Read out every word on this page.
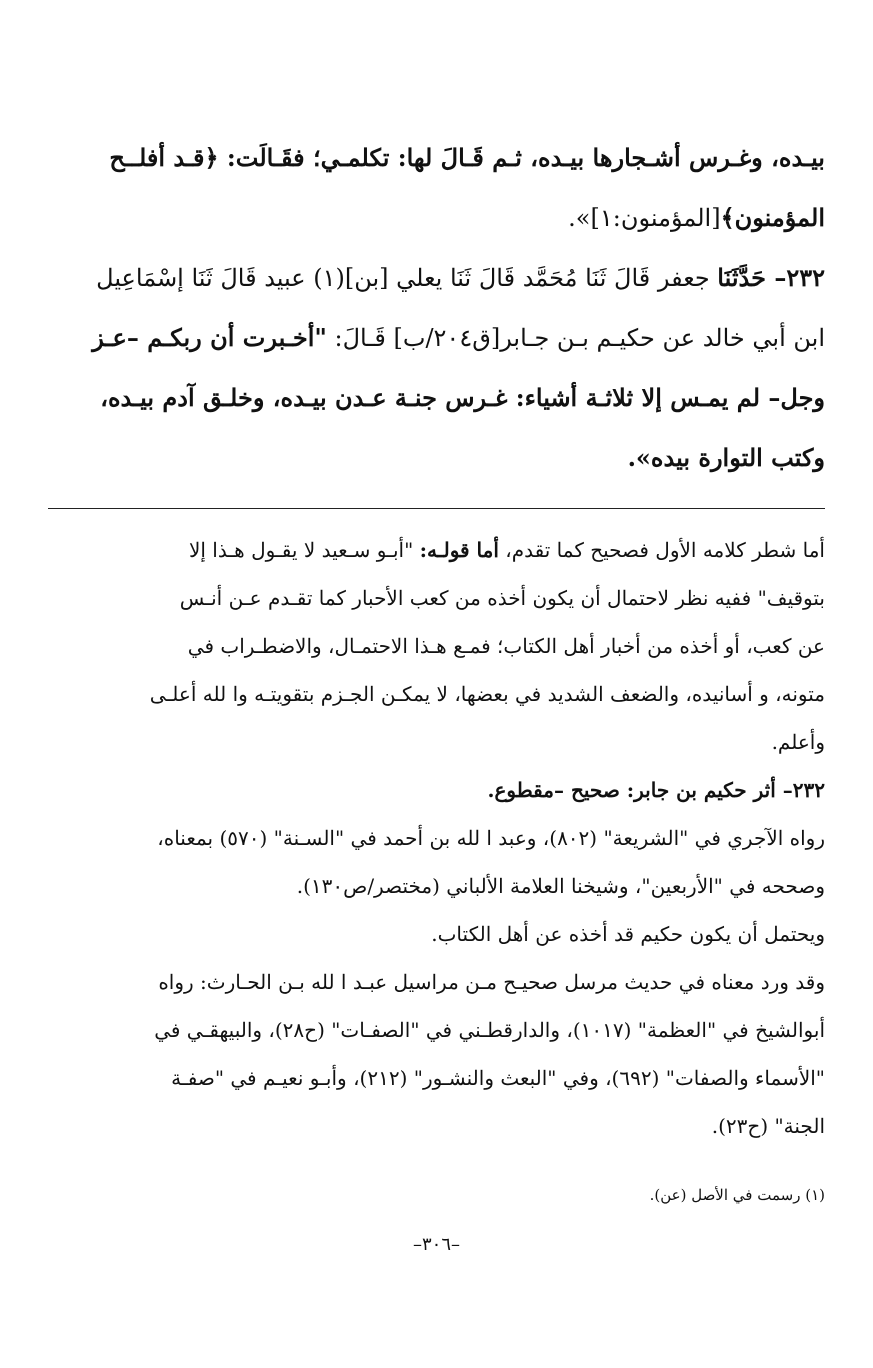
بيـده، وغـرس أشـجارها بيـده، ثـم قَـالَ لها: تكلمـي؛ فقَـالَت: ﴿قـد أفلــح

المؤمنون﴾[المؤمنون:١]».

٢٣٢– حَدَّثَنَا جعفر قَالَ ثَنَا مُحَمَّد قَالَ ثَنَا يعلي [بن](١) عبيد قَالَ ثَنَا إسْمَاعِيل

ابن أبي خالد عن حكيـم بـن جـابر[ق٢٠٤/ب] قَـالَ: "أخـبرت أن ربكـم –عـز

وجل– لم يمـس إلا ثلاثـة أشياء: غـرس جنـة عـدن بيـده، وخلـق آدم بيـده،

وكتب التوارة بيده».

أما شطر كلامه الأول فصحيح كما تقدم، أما قولـه: "أبـو سـعيد لا يقـول هـذا إلا

بتوقيف" ففيه نظر لاحتمال أن يكون أخذه من كعب الأحبار كما تقـدم عـن أنـس

عن كعب، أو أخذه من أخبار أهل الكتاب؛ فمـع هـذا الاحتمـال، والاضطـراب في

متونه، و أسانيده، والضعف الشديد في بعضها، لا يمكـن الجـزم بتقويتـه وا لله أعلـى

وأعلم.

٢٣٢– أثر حكيم بن جابر: صحيح –مقطوع.

رواه الآجري في "الشريعة" (٨٠٢)، وعبد ا لله بن أحمد في "السـنة" (٥٧٠) بمعناه،

وصححه في "الأربعين"، وشيخنا العلامة الألباني (مختصر/ص١٣٠).

ويحتمل أن يكون حكيم قد أخذه عن أهل الكتاب.

وقد ورد معناه في حديث مرسل صحيـح مـن مراسيل عبـد ا لله بـن الحـارث: رواه

أبوالشيخ في "العظمة" (١٠١٧)، والدارقطـني في "الصفـات" (ح٢٨)، والبيهقـي في

"الأسماء والصفات" (٦٩٢)، وفي "البعث والنشـور" (٢١٢)، وأبـو نعيـم في "صفـة

الجنة" (ح٢٣).

(١) رسمت في الأصل (عن).
–٣٠٦–
